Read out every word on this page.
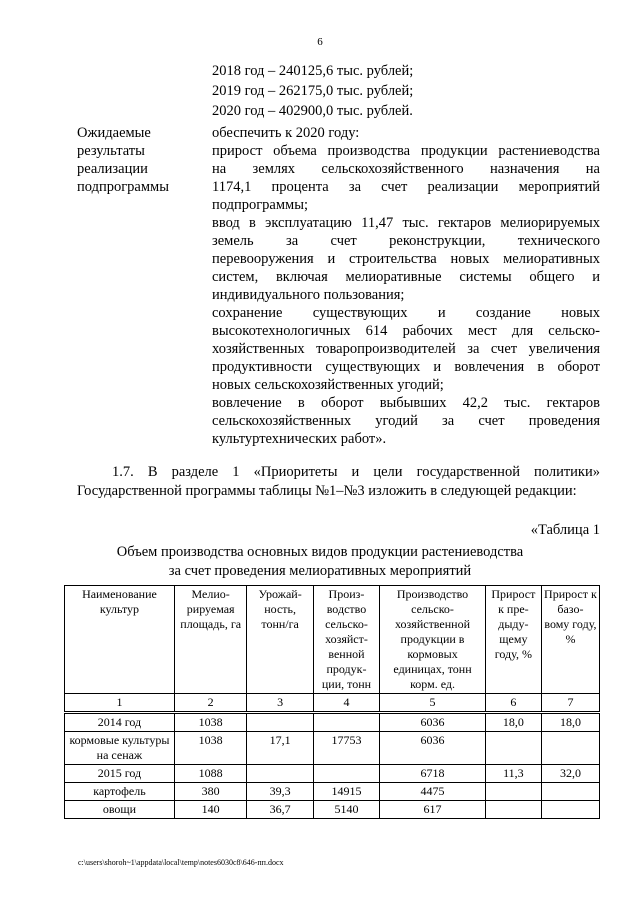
6
2018 год – 240125,6 тыс. рублей;
2019 год – 262175,0 тыс. рублей;
2020 год – 402900,0 тыс. рублей.
Ожидаемые
результаты
реализации
подпрограммы
обеспечить к 2020 году:
прирост объема производства продукции растениеводства
на землях сельскохозяйственного назначения на
1174,1 процента за счет реализации мероприятий
подпрограммы;
ввод в эксплуатацию 11,47 тыс. гектаров мелиорируемых
земель за счет реконструкции, технического
перевооружения и строительства новых мелиоративных
систем, включая мелиоративные системы общего и
индивидуального пользования;
сохранение существующих и создание новых
высокотехнологичных 614 рабочих мест для сельско-
хозяйственных товаропроизводителей за счет увеличения
продуктивности существующих и вовлечения в оборот
новых сельскохозяйственных угодий;
вовлечение в оборот выбывших 42,2 тыс. гектаров
сельскохозяйственных угодий за счет проведения
культуртехнических работ».
1.7. В разделе 1 «Приоритеты и цели государственной политики»
Государственной программы таблицы №1–№3 изложить в следующей редакции:
«Таблица 1
Объем производства основных видов продукции растениеводства
за счет проведения мелиоративных мероприятий
Наименование культур	Мелио- рируемая площадь, га	Урожай- ность, тонн/га	Произ- водство сельско- хозяйст- венной продук- ции, тонн	Производство сельско- хозяйственной продукции в кормовых единицах, тонн корм. ед.	Прирост к пре- дыду- щему году, %	Прирост к базо- вому году, %
1	2	3	4	5	6	7
2014 год	1038			6036	18,0	18,0
кормовые культуры на сенаж	1038	17,1	17753	6036		
2015 год	1088			6718	11,3	32,0
картофель	380	39,3	14915	4475		
овощи	140	36,7	5140	617		
c:\users\shoroh~1\appdata\local\temp\notes6030c8\646-пп.docx
